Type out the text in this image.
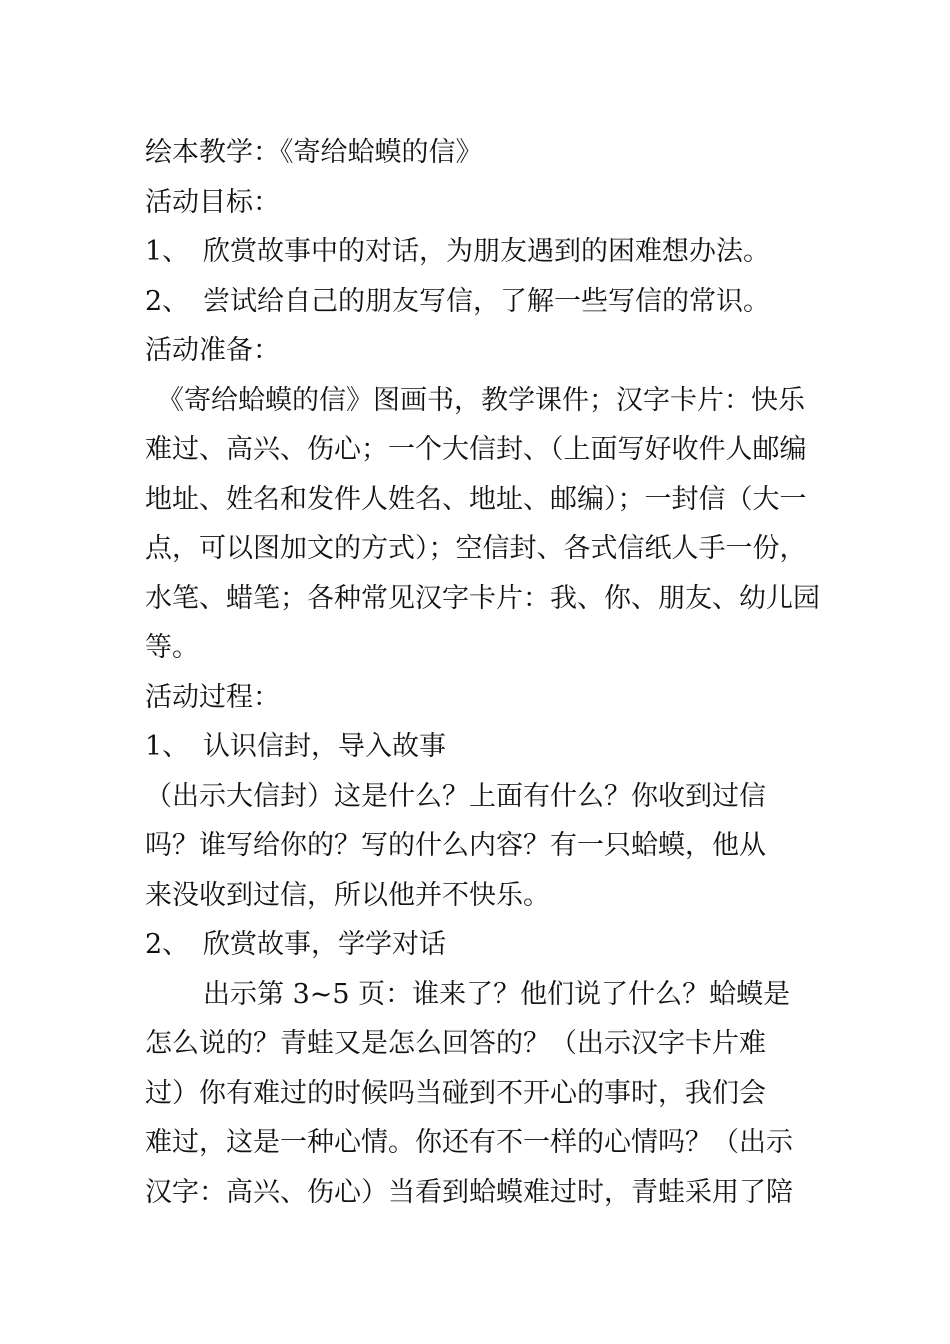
绘本教学：《寄给蛤蟆的信》
活动目标：
1、 欣赏故事中的对话，为朋友遇到的困难想办法。
2、 尝试给自己的朋友写信，了解一些写信的常识。
活动准备：
《寄给蛤蟆的信》图画书，教学课件；汉字卡片：快乐
难过、高兴、伤心；一个大信封、（上面写好收件人邮编
地址、姓名和发件人姓名、地址、邮编）；一封信（大一
点，可以图加文的方式）；空信封、各式信纸人手一份，
水笔、蜡笔；各种常见汉字卡片：我、你、朋友、幼儿园
等。
活动过程：
1、 认识信封，导入故事
（出示大信封）这是什么？上面有什么？你收到过信
吗？谁写给你的？写的什么内容？有一只蛤蟆，他从
来没收到过信，所以他并不快乐。
2、 欣赏故事，学学对话
出示第 3~5 页：谁来了？他们说了什么？蛤蟆是
怎么说的？青蛙又是怎么回答的？（出示汉字卡片难
过）你有难过的时候吗当碰到不开心的事时，我们会
难过，这是一种心情。你还有不一样的心情吗？（出示
汉字：高兴、伤心）当看到蛤蟆难过时，青蛙采用了陪
